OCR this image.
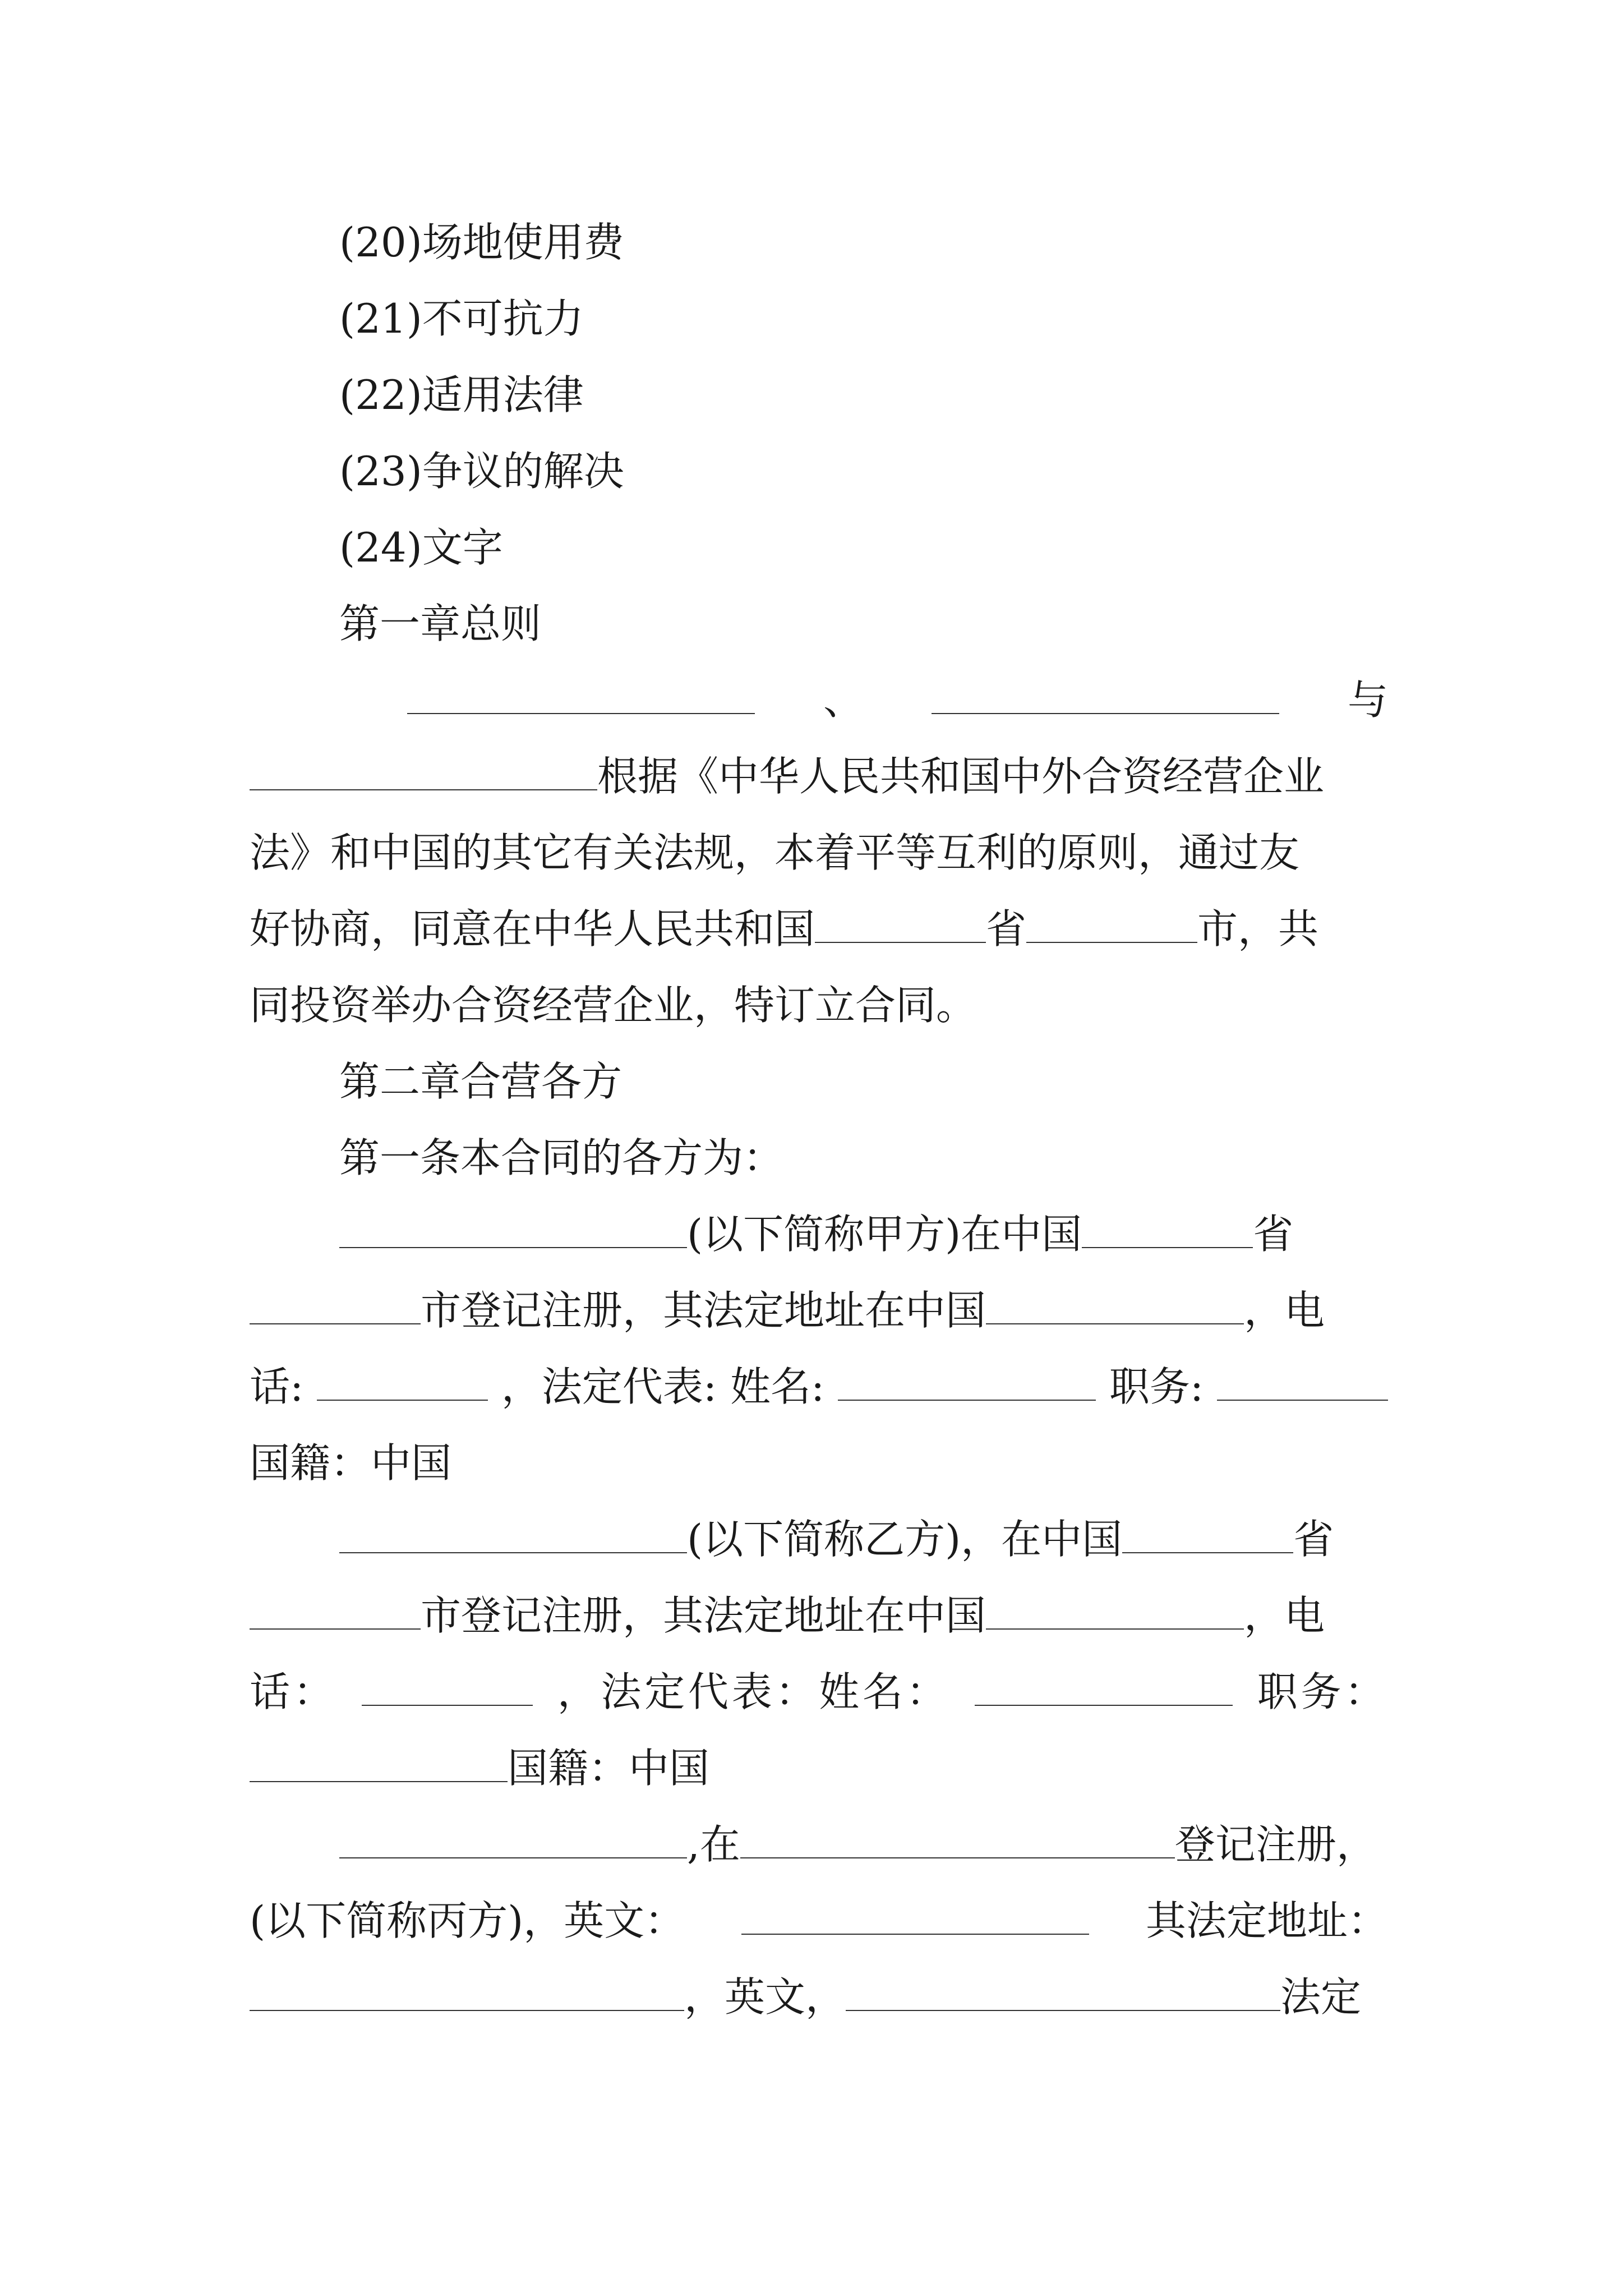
(20)场地使用费
(21)不可抗力
(22)适用法律
(23)争议的解决
(24)文字
第一章总则
、	与
根据《中华人民共和国中外合资经营企业
法》和中国的其它有关法规，本着平等互利的原则，通过友
好协商，同意在中华人民共和国	省	市，共
同投资举办合资经营企业，特订立合同。
第二章合营各方
第一条本合同的各方为：
(以下简称甲方)在中国	省
市登记注册，其法定地址在中国	，电
话:	，法定代表: 姓名:	职务:
国籍：中国
(以下简称乙方)，在中国	省
市登记注册，其法定地址在中国	，电
话：	，法定代表：姓名：	职务：
国籍：中国
,在	登记注册，
(以下简称丙方)，英文：	其法定地址：
，英文，	法定
